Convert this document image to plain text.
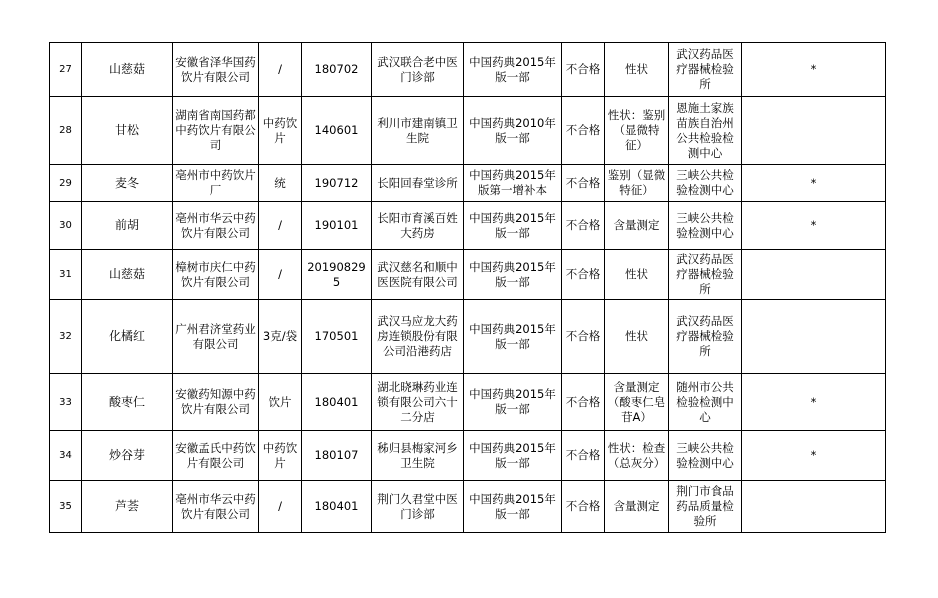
27	山慈菇	安徽省泽华国药饮片有限公司	/	180702	武汉联合老中医门诊部	中国药典2015年版一部	不合格	性状	武汉药品医疗器械检验所	*
28	甘松	湖南省南国药都中药饮片有限公司	中药饮片	140601	利川市建南镇卫生院	中国药典2010年版一部	不合格	性状：鉴别（显微特征）	恩施土家族苗族自治州公共检验检测中心	
29	麦冬	亳州市中药饮片厂	统	190712	长阳回春堂诊所	中国药典2015年版第一增补本	不合格	鉴别（显微特征）	三峡公共检验检测中心	*
30	前胡	亳州市华云中药饮片有限公司	/	190101	长阳市育溪百姓大药房	中国药典2015年版一部	不合格	含量测定	三峡公共检验检测中心	*
31	山慈菇	樟树市庆仁中药饮片有限公司	/	201908295	武汉慈名和顺中医医院有限公司	中国药典2015年版一部	不合格	性状	武汉药品医疗器械检验所	
32	化橘红	广州君济堂药业有限公司	3克/袋	170501	武汉马应龙大药房连锁股份有限公司沿港药店	中国药典2015年版一部	不合格	性状	武汉药品医疗器械检验所	
33	酸枣仁	安徽药知源中药饮片有限公司	饮片	180401	湖北晓琳药业连锁有限公司六十二分店	中国药典2015年版一部	不合格	含量测定（酸枣仁皂苷A）	随州市公共检验检测中心	*
34	炒谷芽	安徽孟氏中药饮片有限公司	中药饮片	180107	秭归县梅家河乡卫生院	中国药典2015年版一部	不合格	性状：检查（总灰分）	三峡公共检验检测中心	*
35	芦荟	亳州市华云中药饮片有限公司	/	180401	荆门久君堂中医门诊部	中国药典2015年版一部	不合格	含量测定	荆门市食品药品质量检验所	
